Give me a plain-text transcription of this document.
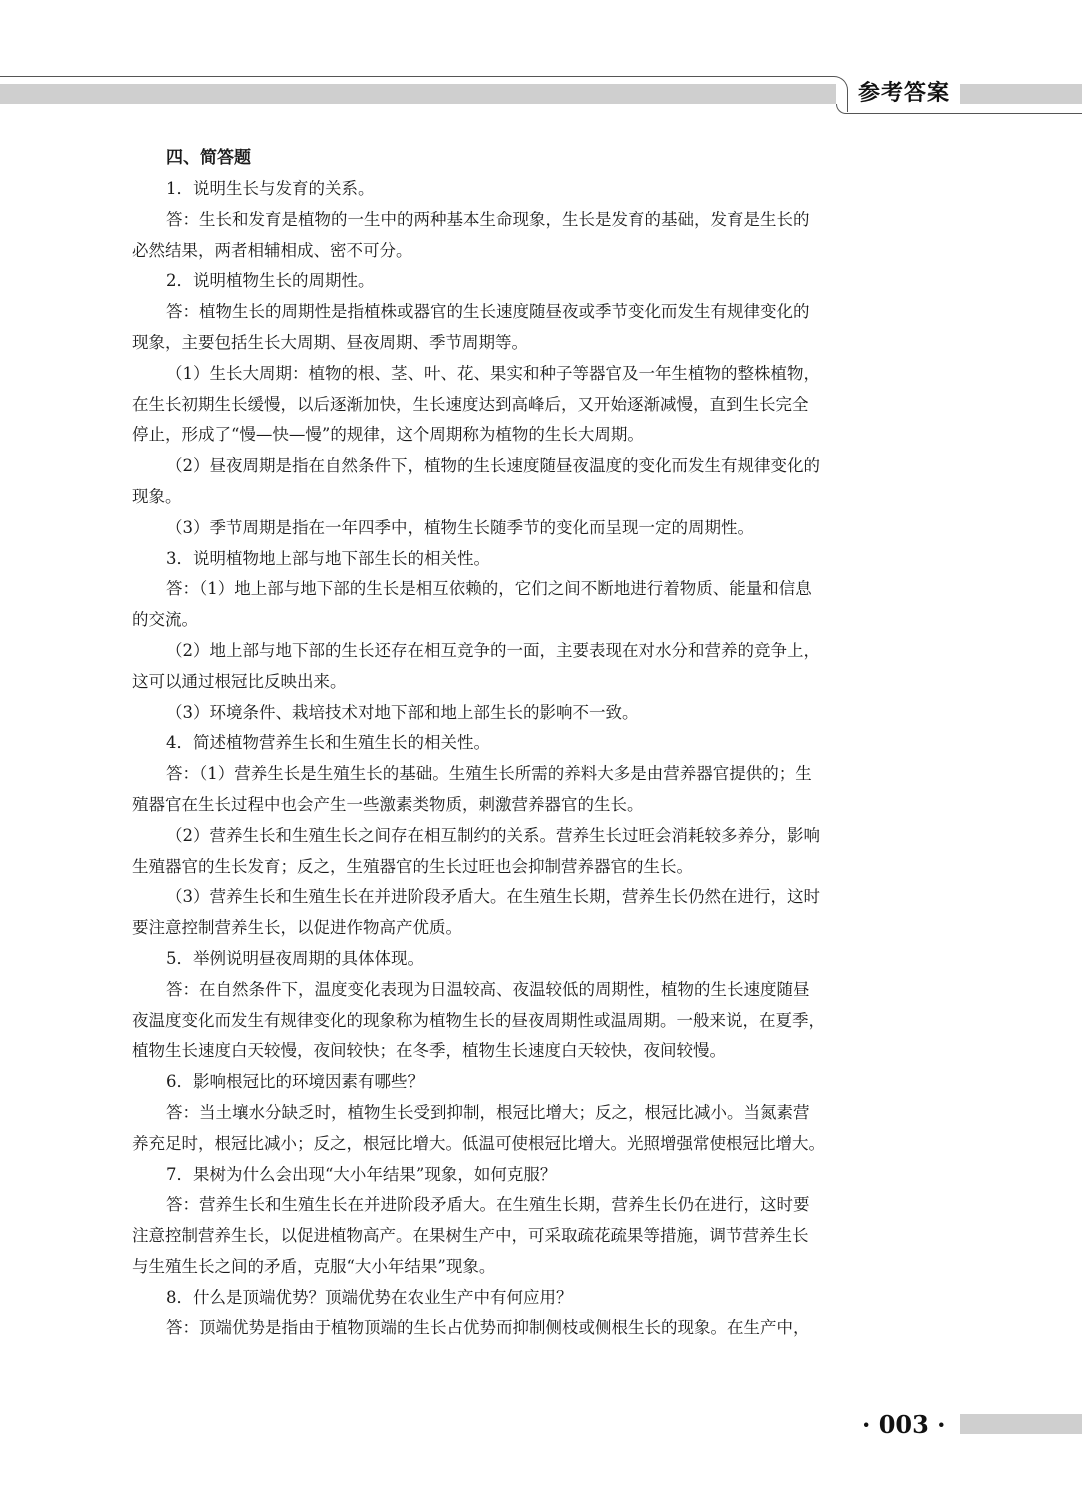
参考答案
四、简答题
1．说明生长与发育的关系。
答：生长和发育是植物的一生中的两种基本生命现象，生长是发育的基础，发育是生长的
必然结果，两者相辅相成、密不可分。
2．说明植物生长的周期性。
答：植物生长的周期性是指植株或器官的生长速度随昼夜或季节变化而发生有规律变化的
现象，主要包括生长大周期、昼夜周期、季节周期等。
（1）生长大周期：植物的根、茎、叶、花、果实和种子等器官及一年生植物的整株植物，
在生长初期生长缓慢，以后逐渐加快，生长速度达到高峰后，又开始逐渐减慢，直到生长完全
停止，形成了“慢—快—慢”的规律，这个周期称为植物的生长大周期。
（2）昼夜周期是指在自然条件下，植物的生长速度随昼夜温度的变化而发生有规律变化的
现象。
（3）季节周期是指在一年四季中，植物生长随季节的变化而呈现一定的周期性。
3．说明植物地上部与地下部生长的相关性。
答：（1）地上部与地下部的生长是相互依赖的，它们之间不断地进行着物质、能量和信息
的交流。
（2）地上部与地下部的生长还存在相互竞争的一面，主要表现在对水分和营养的竞争上，
这可以通过根冠比反映出来。
（3）环境条件、栽培技术对地下部和地上部生长的影响不一致。
4．简述植物营养生长和生殖生长的相关性。
答：（1）营养生长是生殖生长的基础。生殖生长所需的养料大多是由营养器官提供的；生
殖器官在生长过程中也会产生一些激素类物质，刺激营养器官的生长。
（2）营养生长和生殖生长之间存在相互制约的关系。营养生长过旺会消耗较多养分，影响
生殖器官的生长发育；反之，生殖器官的生长过旺也会抑制营养器官的生长。
（3）营养生长和生殖生长在并进阶段矛盾大。在生殖生长期，营养生长仍然在进行，这时
要注意控制营养生长，以促进作物高产优质。
5．举例说明昼夜周期的具体体现。
答：在自然条件下，温度变化表现为日温较高、夜温较低的周期性，植物的生长速度随昼
夜温度变化而发生有规律变化的现象称为植物生长的昼夜周期性或温周期。一般来说，在夏季，
植物生长速度白天较慢，夜间较快；在冬季，植物生长速度白天较快，夜间较慢。
6．影响根冠比的环境因素有哪些？
答：当土壤水分缺乏时，植物生长受到抑制，根冠比增大；反之，根冠比减小。当氮素营
养充足时，根冠比减小；反之，根冠比增大。低温可使根冠比增大。光照增强常使根冠比增大。
7．果树为什么会出现“大小年结果”现象，如何克服？
答：营养生长和生殖生长在并进阶段矛盾大。在生殖生长期，营养生长仍在进行，这时要
注意控制营养生长，以促进植物高产。在果树生产中，可采取疏花疏果等措施，调节营养生长
与生殖生长之间的矛盾，克服“大小年结果”现象。
8．什么是顶端优势？顶端优势在农业生产中有何应用？
答：顶端优势是指由于植物顶端的生长占优势而抑制侧枝或侧根生长的现象。在生产中，
· 003 ·
